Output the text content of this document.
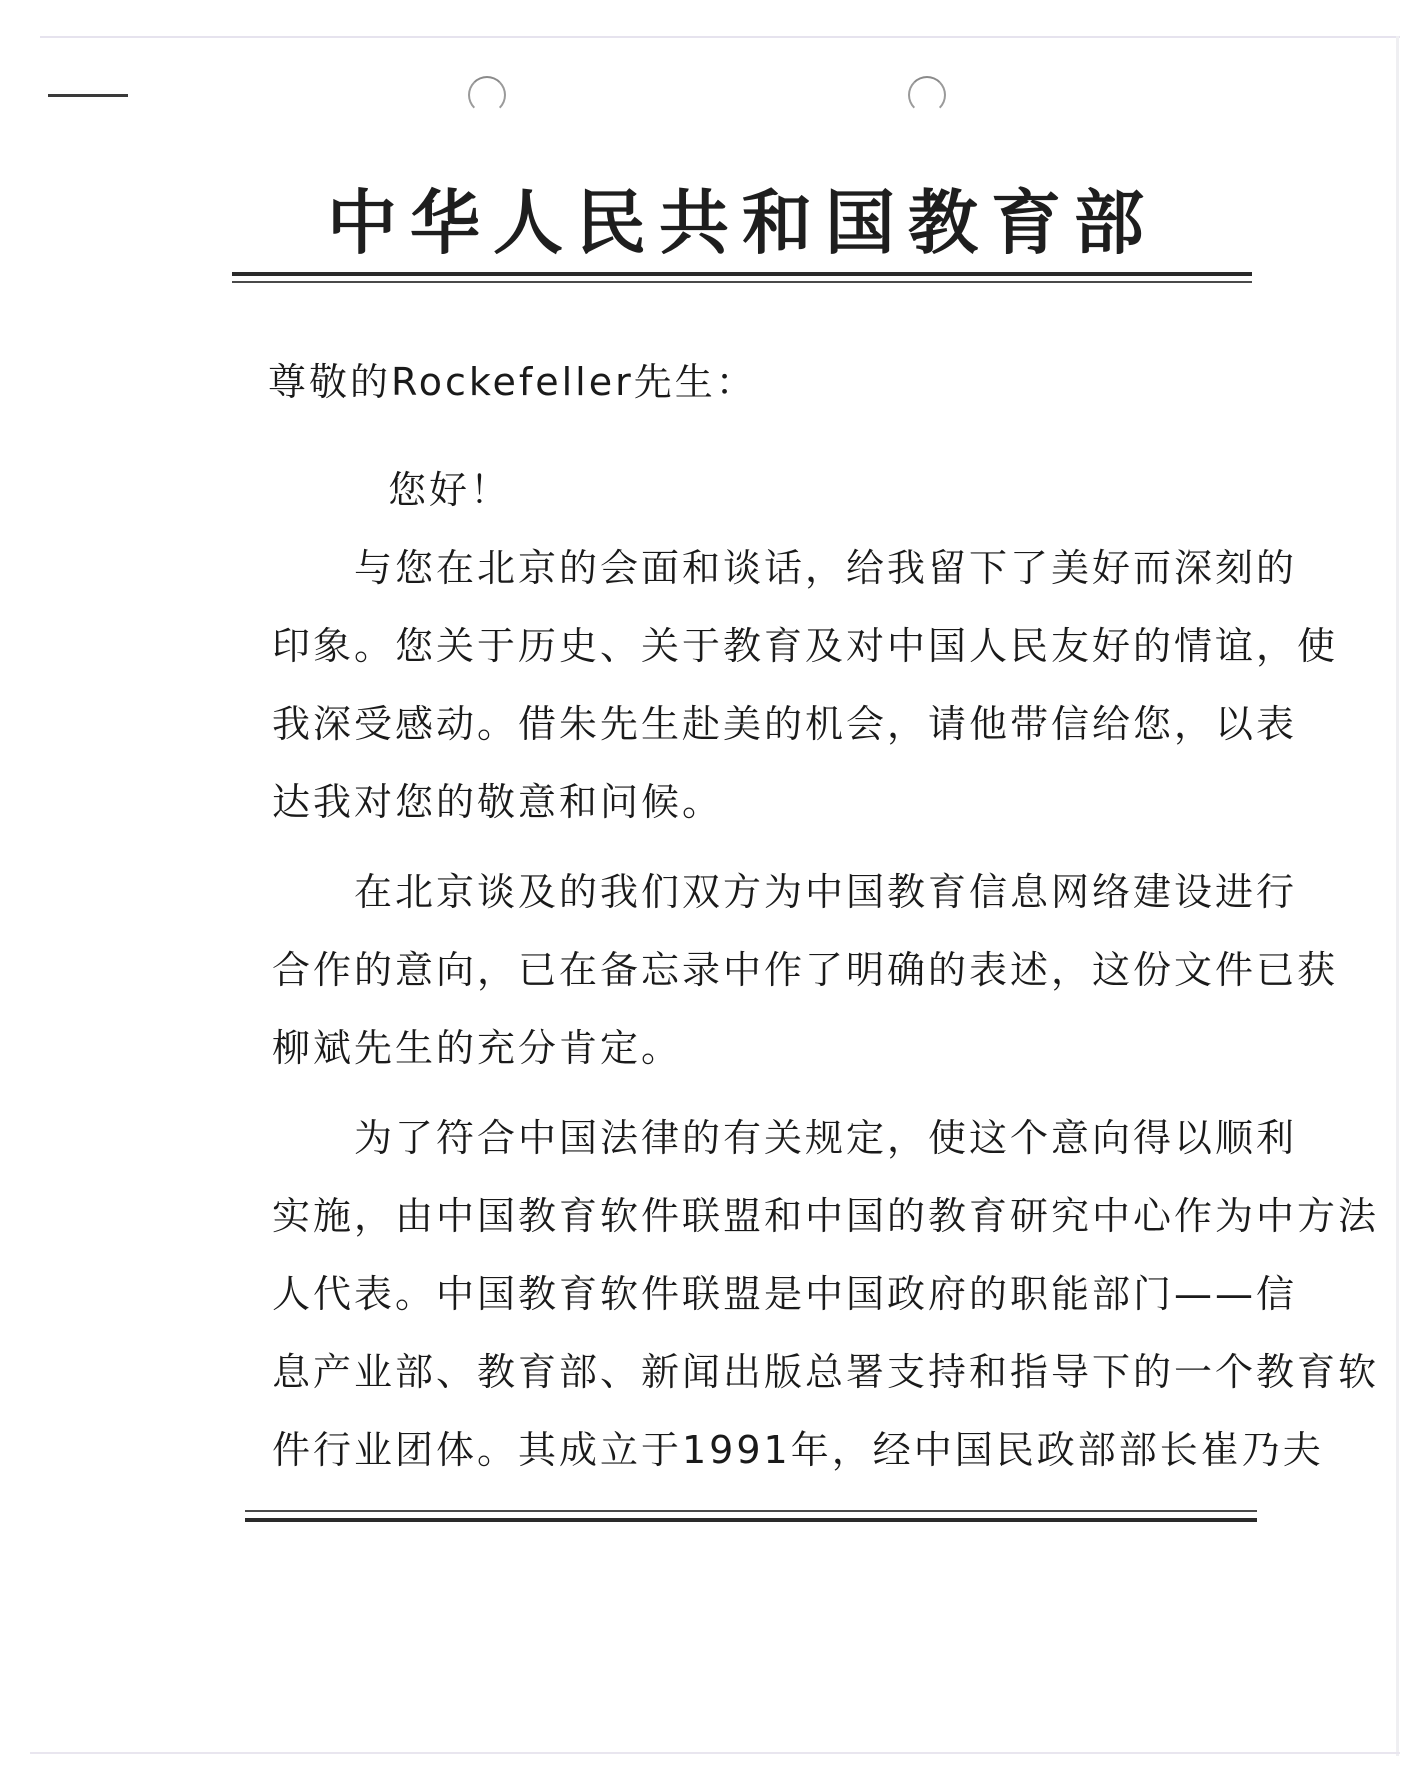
中华人民共和国教育部
尊敬的Rockefeller先生：
您好！
　　与您在北京的会面和谈话，给我留下了美好而深刻的
印象。您关于历史、关于教育及对中国人民友好的情谊，使
我深受感动。借朱先生赴美的机会，请他带信给您，以表
达我对您的敬意和问候。
　　在北京谈及的我们双方为中国教育信息网络建设进行
合作的意向，已在备忘录中作了明确的表述，这份文件已获
柳斌先生的充分肯定。
　　为了符合中国法律的有关规定，使这个意向得以顺利
实施，由中国教育软件联盟和中国的教育研究中心作为中方法
人代表。中国教育软件联盟是中国政府的职能部门——信
息产业部、教育部、新闻出版总署支持和指导下的一个教育软
件行业团体。其成立于1991年，经中国民政部部长崔乃夫
